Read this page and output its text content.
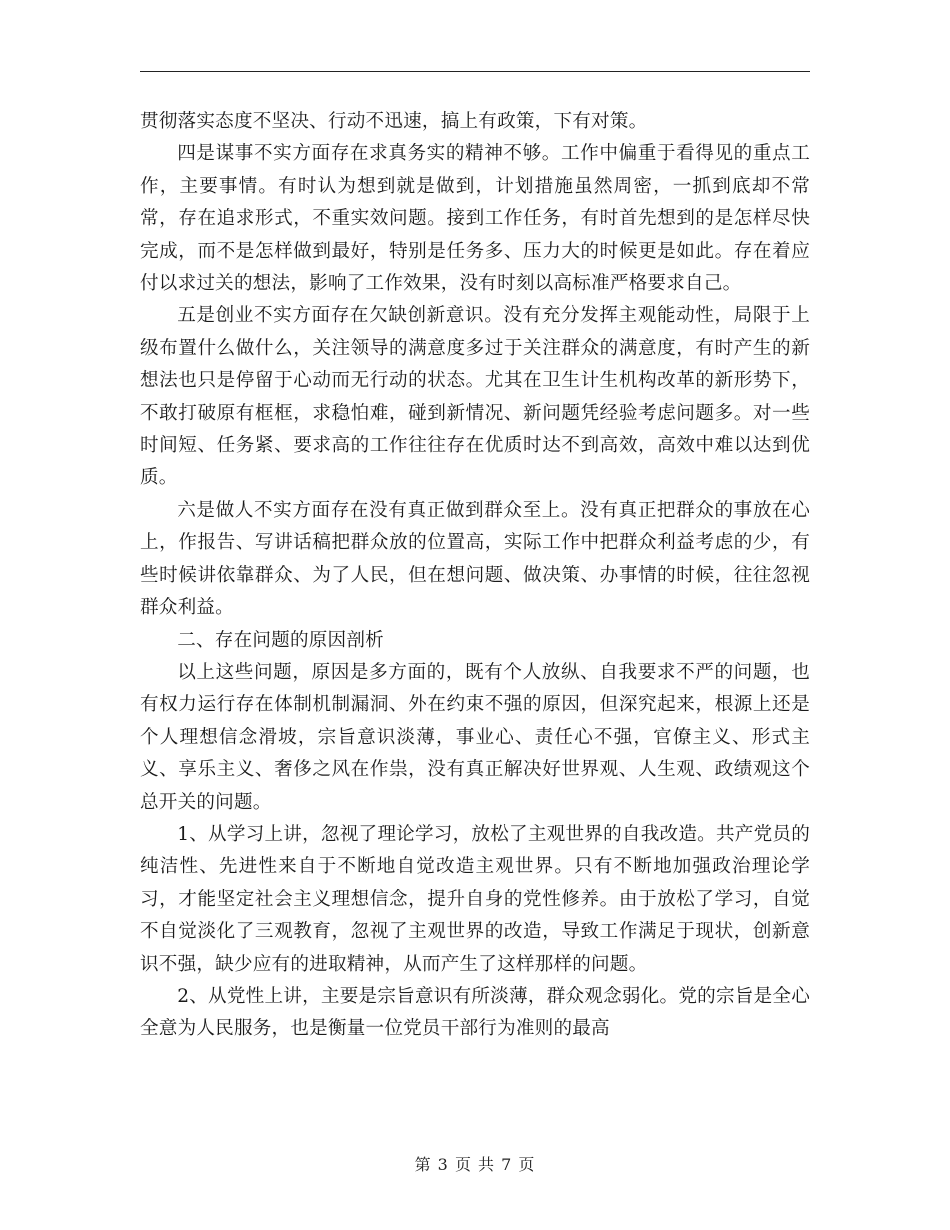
贯彻落实态度不坚决、行动不迅速，搞上有政策，下有对策。

四是谋事不实方面存在求真务实的精神不够。工作中偏重于看得见的重点工作，主要事情。有时认为想到就是做到，计划措施虽然周密，一抓到底却不常常，存在追求形式，不重实效问题。接到工作任务，有时首先想到的是怎样尽快完成，而不是怎样做到最好，特别是任务多、压力大的时候更是如此。存在着应付以求过关的想法，影响了工作效果，没有时刻以高标准严格要求自己。

五是创业不实方面存在欠缺创新意识。没有充分发挥主观能动性，局限于上级布置什么做什么，关注领导的满意度多过于关注群众的满意度，有时产生的新想法也只是停留于心动而无行动的状态。尤其在卫生计生机构改革的新形势下，不敢打破原有框框，求稳怕难，碰到新情况、新问题凭经验考虑问题多。对一些时间短、任务紧、要求高的工作往往存在优质时达不到高效，高效中难以达到优质。

六是做人不实方面存在没有真正做到群众至上。没有真正把群众的事放在心上，作报告、写讲话稿把群众放的位置高，实际工作中把群众利益考虑的少，有些时候讲依靠群众、为了人民，但在想问题、做决策、办事情的时候，往往忽视群众利益。

二、存在问题的原因剖析

以上这些问题，原因是多方面的，既有个人放纵、自我要求不严的问题，也有权力运行存在体制机制漏洞、外在约束不强的原因，但深究起来，根源上还是个人理想信念滑坡，宗旨意识淡薄，事业心、责任心不强，官僚主义、形式主义、享乐主义、奢侈之风在作祟，没有真正解决好世界观、人生观、政绩观这个总开关的问题。

1、从学习上讲，忽视了理论学习，放松了主观世界的自我改造。共产党员的纯洁性、先进性来自于不断地自觉改造主观世界。只有不断地加强政治理论学习，才能坚定社会主义理想信念，提升自身的党性修养。由于放松了学习，自觉不自觉淡化了三观教育，忽视了主观世界的改造，导致工作满足于现状，创新意识不强，缺少应有的进取精神，从而产生了这样那样的问题。

2、从党性上讲，主要是宗旨意识有所淡薄，群众观念弱化。党的宗旨是全心全意为人民服务，也是衡量一位党员干部行为准则的最高

第 3 页 共 7 页
